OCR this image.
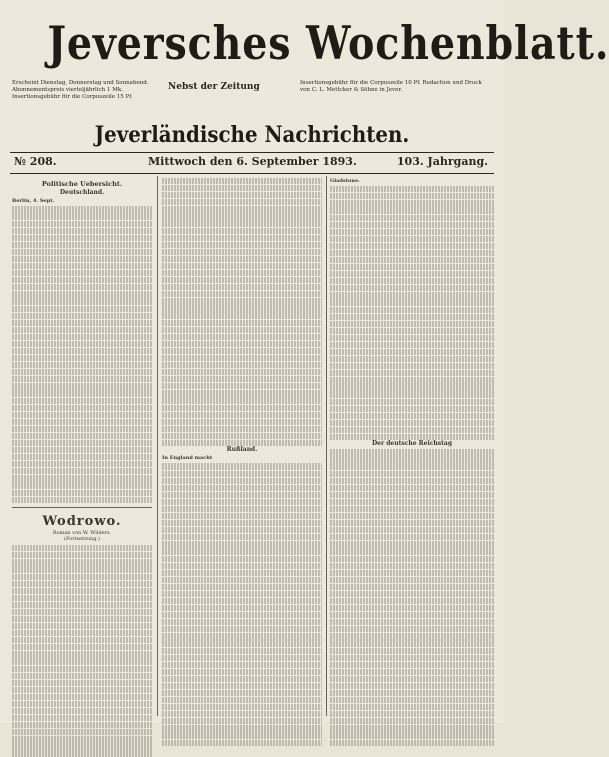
Jeversches Wochenblatt.
Erscheint Dienstag, Donnerstag und Sonnabend. Abonnementspreis vierteljährlich 1 Mk. Insertionsgebühr für die Corpuszeile 15 Pf.
Nebst der Zeitung	Insertionsgebühr für die Corpuszeile 10 Pf. Redaction und Druck von C. L. Mettcker & Söhne in Jever.
Jeverländische Nachrichten.
№ 208.	Mittwoch den 6. September 1893.	103. Jahrgang.
Politische Uebersicht.
Deutschland.

Berlin, 4. Sept.

Wodrowo.
Roman von W. Wilders.
(Fortsetzung.)
Rußland.

In England macht

Gladstone.

Der deutsche Reichstag
